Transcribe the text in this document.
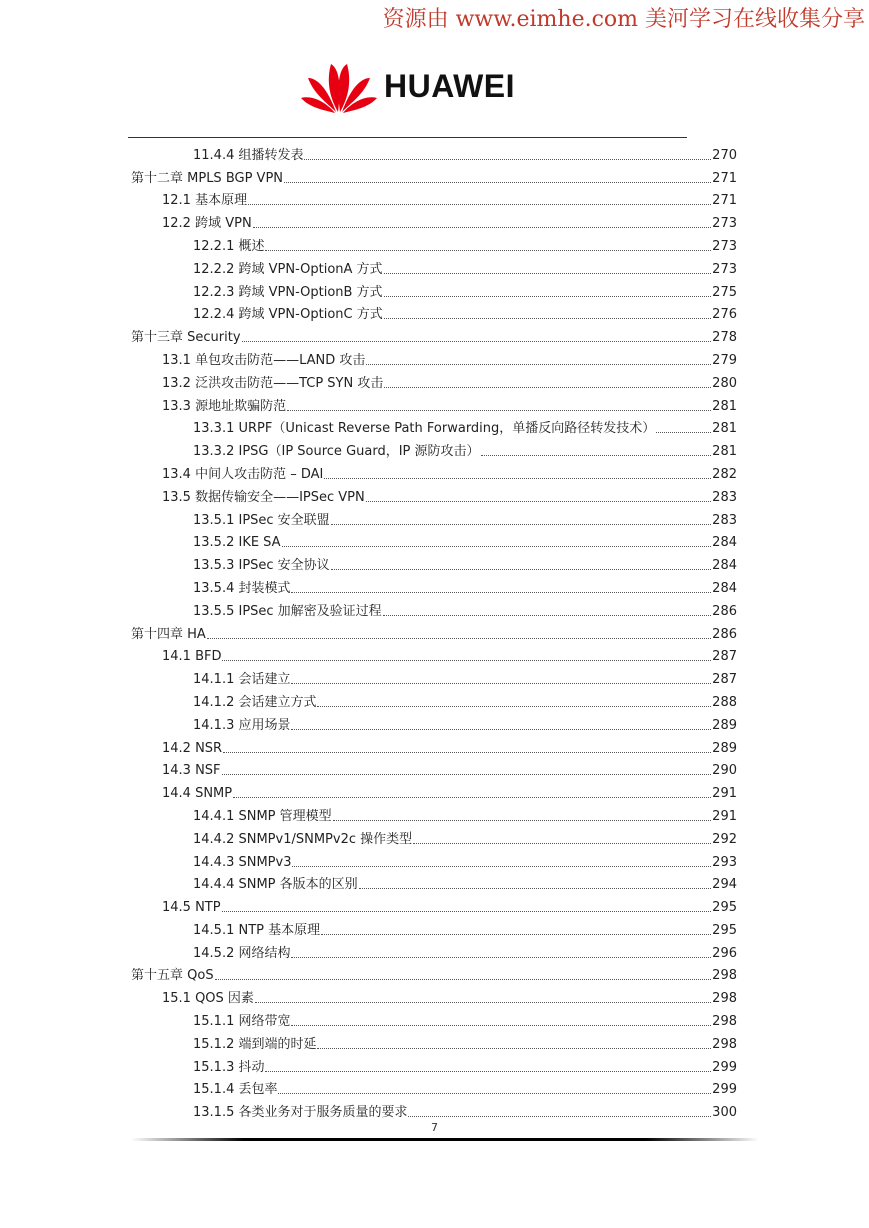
资源由 www.eimhe.com 美河学习在线收集分享
HUAWEI
11.4.4 组播转发表	270
第十二章 MPLS BGP VPN	271
12.1 基本原理	271
12.2 跨域 VPN	273
12.2.1 概述	273
12.2.2 跨域 VPN-OptionA 方式	273
12.2.3 跨域 VPN-OptionB 方式	275
12.2.4 跨域 VPN-OptionC 方式	276
第十三章 Security	278
13.1 单包攻击防范——LAND 攻击	279
13.2 泛洪攻击防范——TCP SYN 攻击	280
13.3 源地址欺骗防范	281
13.3.1 URPF（Unicast Reverse Path Forwarding，单播反向路径转发技术）	281
13.3.2 IPSG（IP Source Guard，IP 源防攻击）	281
13.4 中间人攻击防范 – DAI	282
13.5 数据传输安全——IPSec VPN	283
13.5.1 IPSec 安全联盟	283
13.5.2 IKE SA	284
13.5.3 IPSec 安全协议	284
13.5.4 封装模式	284
13.5.5 IPSec 加解密及验证过程	286
第十四章 HA	286
14.1 BFD	287
14.1.1 会话建立	287
14.1.2 会话建立方式	288
14.1.3 应用场景	289
14.2 NSR	289
14.3 NSF	290
14.4 SNMP	291
14.4.1 SNMP 管理模型	291
14.4.2 SNMPv1/SNMPv2c 操作类型	292
14.4.3 SNMPv3	293
14.4.4 SNMP 各版本的区别	294
14.5 NTP	295
14.5.1 NTP 基本原理	295
14.5.2 网络结构	296
第十五章 QoS	298
15.1 QOS 因素	298
15.1.1 网络带宽	298
15.1.2 端到端的时延	298
15.1.3 抖动	299
15.1.4 丢包率	299
13.1.5 各类业务对于服务质量的要求	300
7
